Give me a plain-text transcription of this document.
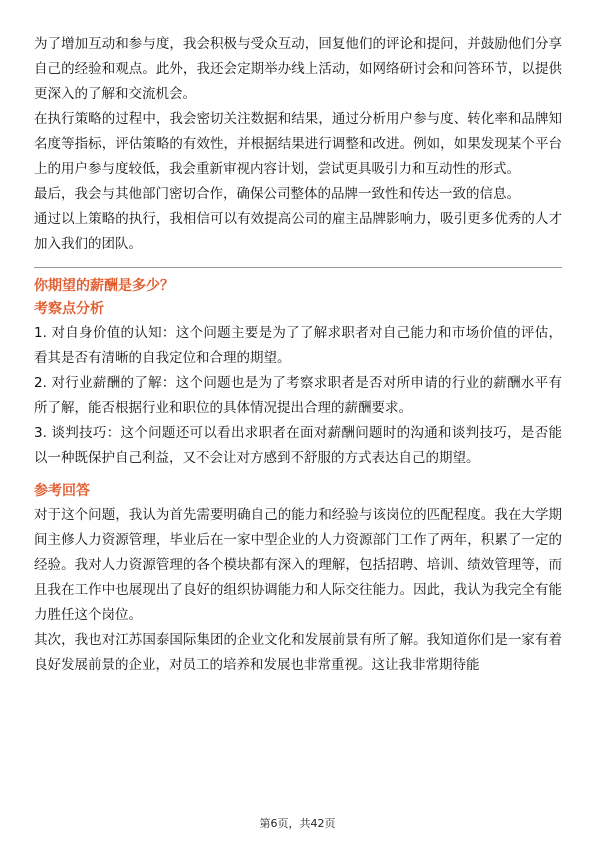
为了增加互动和参与度，我会积极与受众互动，回复他们的评论和提问，并鼓励他们分享自己的经验和观点。此外，我还会定期举办线上活动，如网络研讨会和问答环节，以提供更深入的了解和交流机会。

在执行策略的过程中，我会密切关注数据和结果，通过分析用户参与度、转化率和品牌知名度等指标，评估策略的有效性，并根据结果进行调整和改进。例如，如果发现某个平台上的用户参与度较低，我会重新审视内容计划，尝试更具吸引力和互动性的形式。

最后，我会与其他部门密切合作，确保公司整体的品牌一致性和传达一致的信息。

通过以上策略的执行，我相信可以有效提高公司的雇主品牌影响力，吸引更多优秀的人才加入我们的团队。

你期望的薪酬是多少？

考察点分析

1. 对自身价值的认知：这个问题主要是为了了解求职者对自己能力和市场价值的评估，看其是否有清晰的自我定位和合理的期望。

2. 对行业薪酬的了解：这个问题也是为了考察求职者是否对所申请的行业的薪酬水平有所了解，能否根据行业和职位的具体情况提出合理的薪酬要求。

3. 谈判技巧：这个问题还可以看出求职者在面对薪酬问题时的沟通和谈判技巧，是否能以一种既保护自己利益，又不会让对方感到不舒服的方式表达自己的期望。

参考回答

对于这个问题，我认为首先需要明确自己的能力和经验与该岗位的匹配程度。我在大学期间主修人力资源管理，毕业后在一家中型企业的人力资源部门工作了两年，积累了一定的经验。我对人力资源管理的各个模块都有深入的理解，包括招聘、培训、绩效管理等，而且我在工作中也展现出了良好的组织协调能力和人际交往能力。因此，我认为我完全有能力胜任这个岗位。

其次，我也对江苏国泰国际集团的企业文化和发展前景有所了解。我知道你们是一家有着良好发展前景的企业，对员工的培养和发展也非常重视。这让我非常期待能

第6页，共42页
